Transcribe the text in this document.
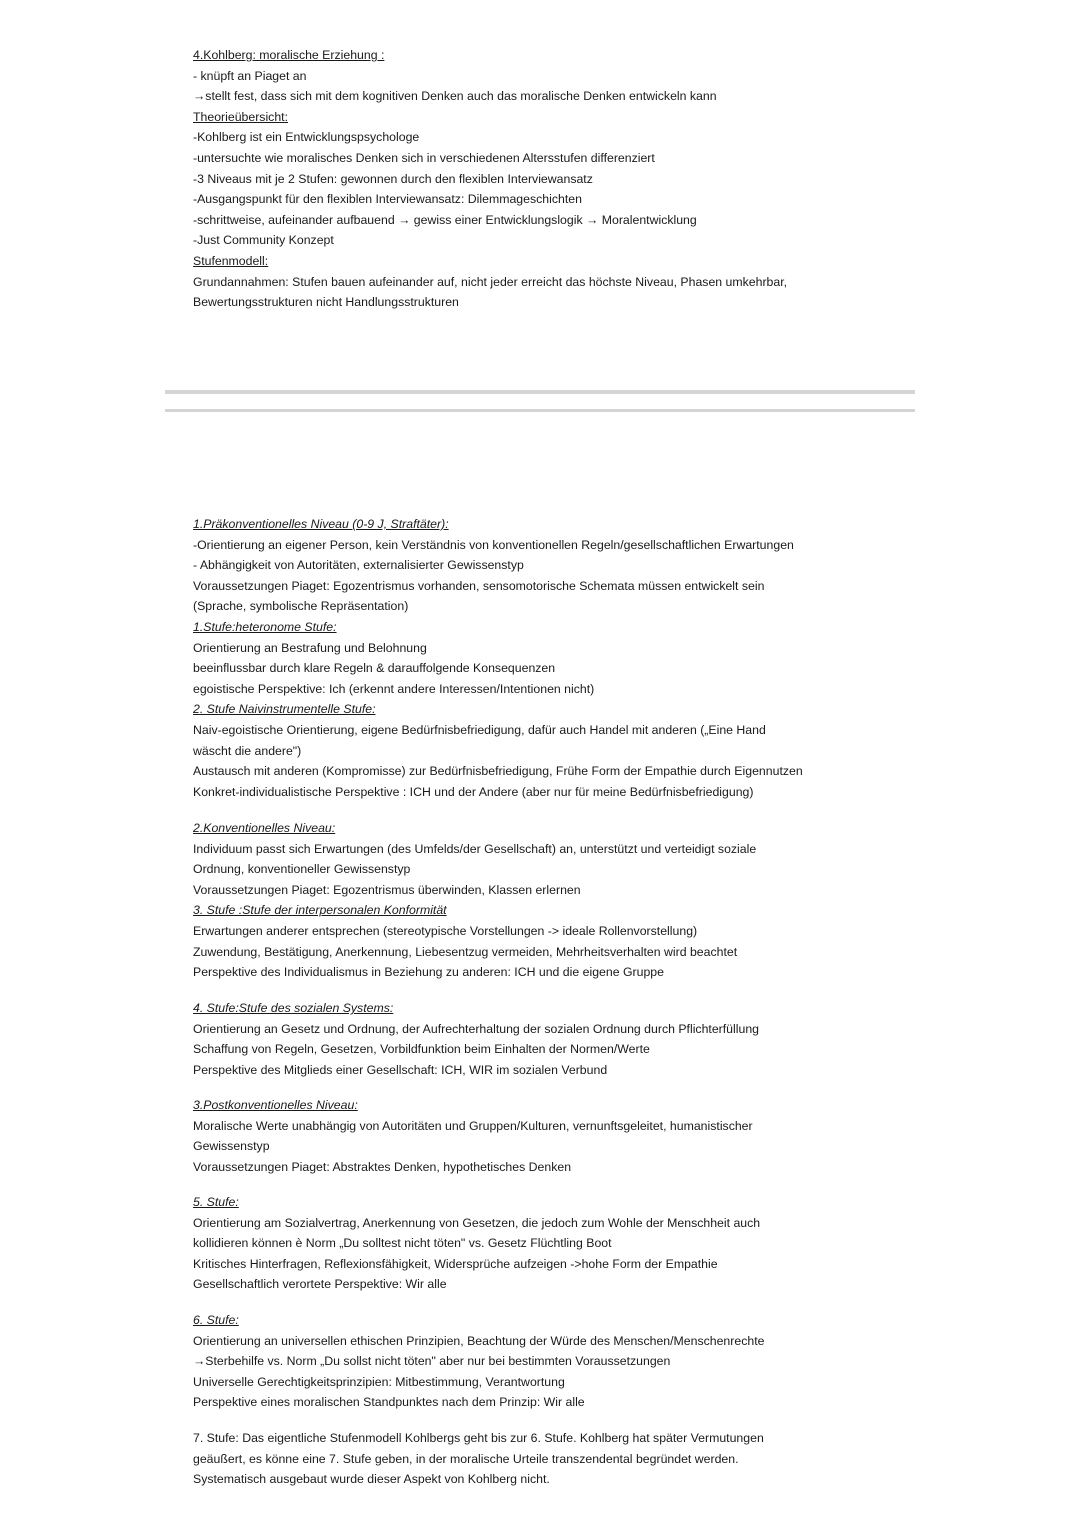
4.Kohlberg: moralische Erziehung :
- knüpft an Piaget an
→stellt fest, dass sich mit dem kognitiven Denken auch das moralische Denken entwickeln kann
Theorieübersicht:
-Kohlberg ist ein Entwicklungspsychologe
-untersuchte wie moralisches Denken sich in verschiedenen Altersstufen differenziert
-3 Niveaus mit je 2 Stufen: gewonnen durch den flexiblen Interviewansatz
-Ausgangspunkt für den flexiblen Interviewansatz: Dilemmageschichten
-schrittweise, aufeinander aufbauend → gewiss einer Entwicklungslogik → Moralentwicklung
-Just Community Konzept
Stufenmodell:
Grundannahmen: Stufen bauen aufeinander auf, nicht jeder erreicht das höchste Niveau, Phasen umkehrbar,
Bewertungsstrukturen nicht Handlungsstrukturen
1.Präkonventionelles Niveau (0-9 J, Straftäter):
-Orientierung an eigener Person, kein Verständnis von konventionellen Regeln/gesellschaftlichen Erwartungen
- Abhängigkeit von Autoritäten, externalisierter Gewissenstyp
Voraussetzungen Piaget: Egozentrismus vorhanden, sensomotorische Schemata müssen entwickelt sein
(Sprache, symbolische Repräsentation)
1.Stufe:heteronome Stufe:
Orientierung an Bestrafung und Belohnung
beeinflussbar durch klare Regeln & darauffolgende Konsequenzen
egoistische Perspektive: Ich (erkennt andere Interessen/Intentionen nicht)
2. Stufe Naivinstrumentelle Stufe:
Naiv-egoistische Orientierung, eigene Bedürfnisbefriedigung, dafür auch Handel mit anderen („Eine Hand
wäscht die andere")
Austausch mit anderen (Kompromisse) zur Bedürfnisbefriedigung, Frühe Form der Empathie durch Eigennutzen
Konkret-individualistische Perspektive : ICH und der Andere (aber nur für meine Bedürfnisbefriedigung)
2.Konventionelles Niveau:
Individuum passt sich Erwartungen (des Umfelds/der Gesellschaft) an, unterstützt und verteidigt soziale
Ordnung, konventioneller Gewissenstyp
Voraussetzungen Piaget: Egozentrismus überwinden, Klassen erlernen
3. Stufe :Stufe der interpersonalen Konformität
Erwartungen anderer entsprechen (stereotypische Vorstellungen -> ideale Rollenvorstellung)
Zuwendung, Bestätigung, Anerkennung, Liebesentzug vermeiden, Mehrheitsverhalten wird beachtet
Perspektive des Individualismus in Beziehung zu anderen: ICH und die eigene Gruppe
4. Stufe:Stufe des sozialen Systems:
Orientierung an Gesetz und Ordnung, der Aufrechterhaltung der sozialen Ordnung durch Pflichterfüllung
Schaffung von Regeln, Gesetzen, Vorbildfunktion beim Einhalten der Normen/Werte
Perspektive des Mitglieds einer Gesellschaft: ICH, WIR im sozialen Verbund
3.Postkonventionelles Niveau:
Moralische Werte unabhängig von Autoritäten und Gruppen/Kulturen, vernunftsgeleitet, humanistischer
Gewissenstyp
Voraussetzungen Piaget: Abstraktes Denken, hypothetisches Denken
5. Stufe:
Orientierung am Sozialvertrag, Anerkennung von Gesetzen, die jedoch zum Wohle der Menschheit auch
kollidieren können è Norm „Du solltest nicht töten" vs. Gesetz Flüchtling Boot
Kritisches Hinterfragen, Reflexionsfähigkeit, Widersprüche aufzeigen ->hohe Form der Empathie
Gesellschaftlich verortete Perspektive: Wir alle
6. Stufe:
Orientierung an universellen ethischen Prinzipien, Beachtung der Würde des Menschen/Menschenrechte
→Sterbehilfe vs. Norm „Du sollst nicht töten" aber nur bei bestimmten Voraussetzungen
Universelle Gerechtigkeitsprinzipien: Mitbestimmung, Verantwortung
Perspektive eines moralischen Standpunktes nach dem Prinzip: Wir alle
7. Stufe: Das eigentliche Stufenmodell Kohlbergs geht bis zur 6. Stufe. Kohlberg hat später Vermutungen
geäußert, es könne eine 7. Stufe geben, in der moralische Urteile transzendental begründet werden.
Systematisch ausgebaut wurde dieser Aspekt von Kohlberg nicht.
